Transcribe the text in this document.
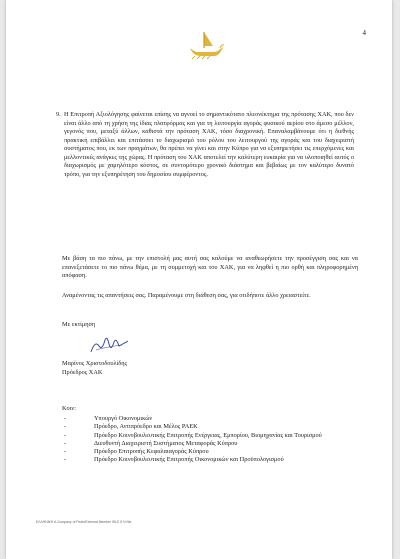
4
9. Η Επιτροπή Αξιολόγησης φαίνεται επίσης να αγνοεί το σημαντικότατο πλεονέκτημα της πρότασης ΧΑΚ, που δεν είναι άλλο από τη χρήση της ίδιας πλατφόρμας και για τη λειτουργία αγοράς φυσικού αερίου στο άμεσο μέλλον, γεγονός που, μεταξύ άλλων, καθιστά την πρόταση ΧΑΚ, τόσο διαχρονική. Επαναλαμβάνουμε ότι η διεθνής πρακτική επιβάλλει και επιτάσσει το διαχωρισμό του ρόλου του λειτουργού της αγοράς και του διαχειριστή συστήματος που, εκ των πραγμάτων, θα πρέπει να γίνει και στην Κύπρο για να εξυπηρετήσει τις επερχόμενες και μελλοντικές ανάγκες της χώρας. Η πρόταση του ΧΑΚ αποτελεί την καλύτερη ευκαιρία για να υλοποιηθεί αυτός ο διαχωρισμός με χαμηλότερο κόστος, σε συντομότερο χρονικό διάστημα και βεβαίως με τον καλύτερο δυνατό τρόπο, για την εξυπηρέτηση του δημοσίου συμφέροντος.

Με βάση τα πιο πάνω, με την επιστολή μας αυτή σας καλούμε να αναθεωρήσετε την προσέγγιση σας και να επανεξετάσετε το πιο πάνω θέμα, με τη συμμετοχή και του ΧΑΚ, για να ληφθεί η πιο ορθή και πληροφορημένη απόφαση.

Αναμένοντας τις απαντήσεις σας. Παραμένουμε στη διάθεση σας, για οτιδήποτε άλλο χρειαστείτε.

Με εκτίμηση
Μαρίνος Χριστοδουλίδης
Πρόεδρος ΧΑΚ
Κοιν:
-	Υπουργό Οικονομικών
-	Πρόεδρο, Αντιπρόεδρο και Μέλος ΡΑΕΚ
-	Πρόεδρο Κοινοβουλευτικής Επιτροπής Ενέργειας, Εμπορίου, Βιομηχανίας και Τουρισμού
-	Διευθυντή Διαχειριστή Συστήματος Μεταφοράς Κύπρου
-	Πρόεδρο Επιτροπής Κεφαλαιαγοράς Κύπρου
-	Πρόεδρο Κοινοβουλευτικής Επιτροπής Οικονομικών και Προϋπολογισμού
ΕΛΛΗΝΙΚΗ Α Company of FederExternal Member ISLE 5 N Nis
